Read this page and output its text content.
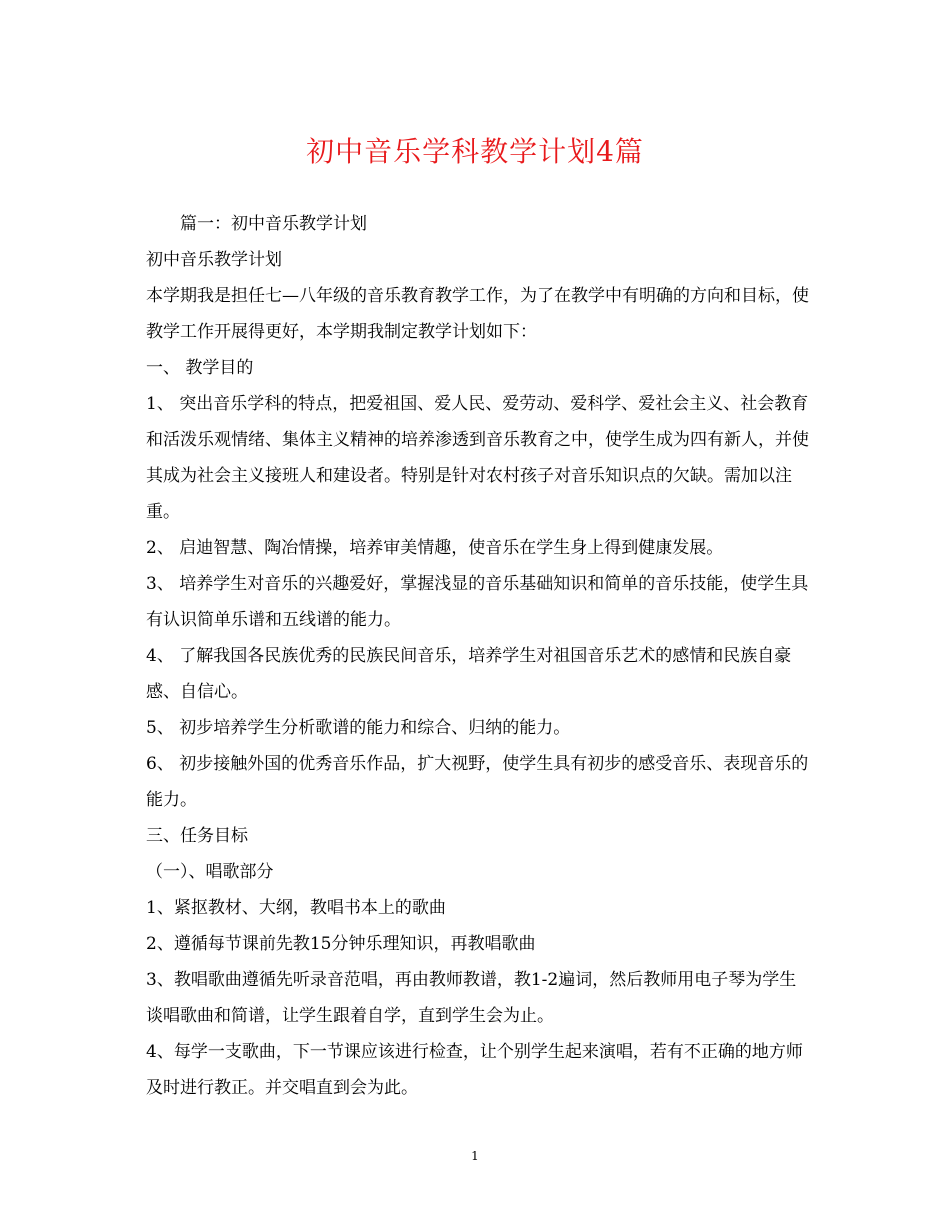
初中音乐学科教学计划4篇

篇一：初中音乐教学计划

初中音乐教学计划

本学期我是担任七—八年级的音乐教育教学工作，为了在教学中有明确的方向和目标，使教学工作开展得更好，本学期我制定教学计划如下：

一、 教学目的

1、 突出音乐学科的特点，把爱祖国、爱人民、爱劳动、爱科学、爱社会主义、社会教育和活泼乐观情绪、集体主义精神的培养渗透到音乐教育之中，使学生成为四有新人，并使其成为社会主义接班人和建设者。特别是针对农村孩子对音乐知识点的欠缺。需加以注重。

2、 启迪智慧、陶冶情操，培养审美情趣，使音乐在学生身上得到健康发展。

3、 培养学生对音乐的兴趣爱好，掌握浅显的音乐基础知识和简单的音乐技能，使学生具有认识简单乐谱和五线谱的能力。

4、 了解我国各民族优秀的民族民间音乐，培养学生对祖国音乐艺术的感情和民族自豪感、自信心。

5、 初步培养学生分析歌谱的能力和综合、归纳的能力。

6、 初步接触外国的优秀音乐作品，扩大视野，使学生具有初步的感受音乐、表现音乐的能力。

三、任务目标

（一）、唱歌部分

1、紧抠教材、大纲，教唱书本上的歌曲

2、遵循每节课前先教15分钟乐理知识，再教唱歌曲

3、教唱歌曲遵循先听录音范唱，再由教师教谱，教1-2遍词，然后教师用电子琴为学生谈唱歌曲和简谱，让学生跟着自学，直到学生会为止。

4、每学一支歌曲，下一节课应该进行检查，让个别学生起来演唱，若有不正确的地方师及时进行教正。并交唱直到会为此。

1
